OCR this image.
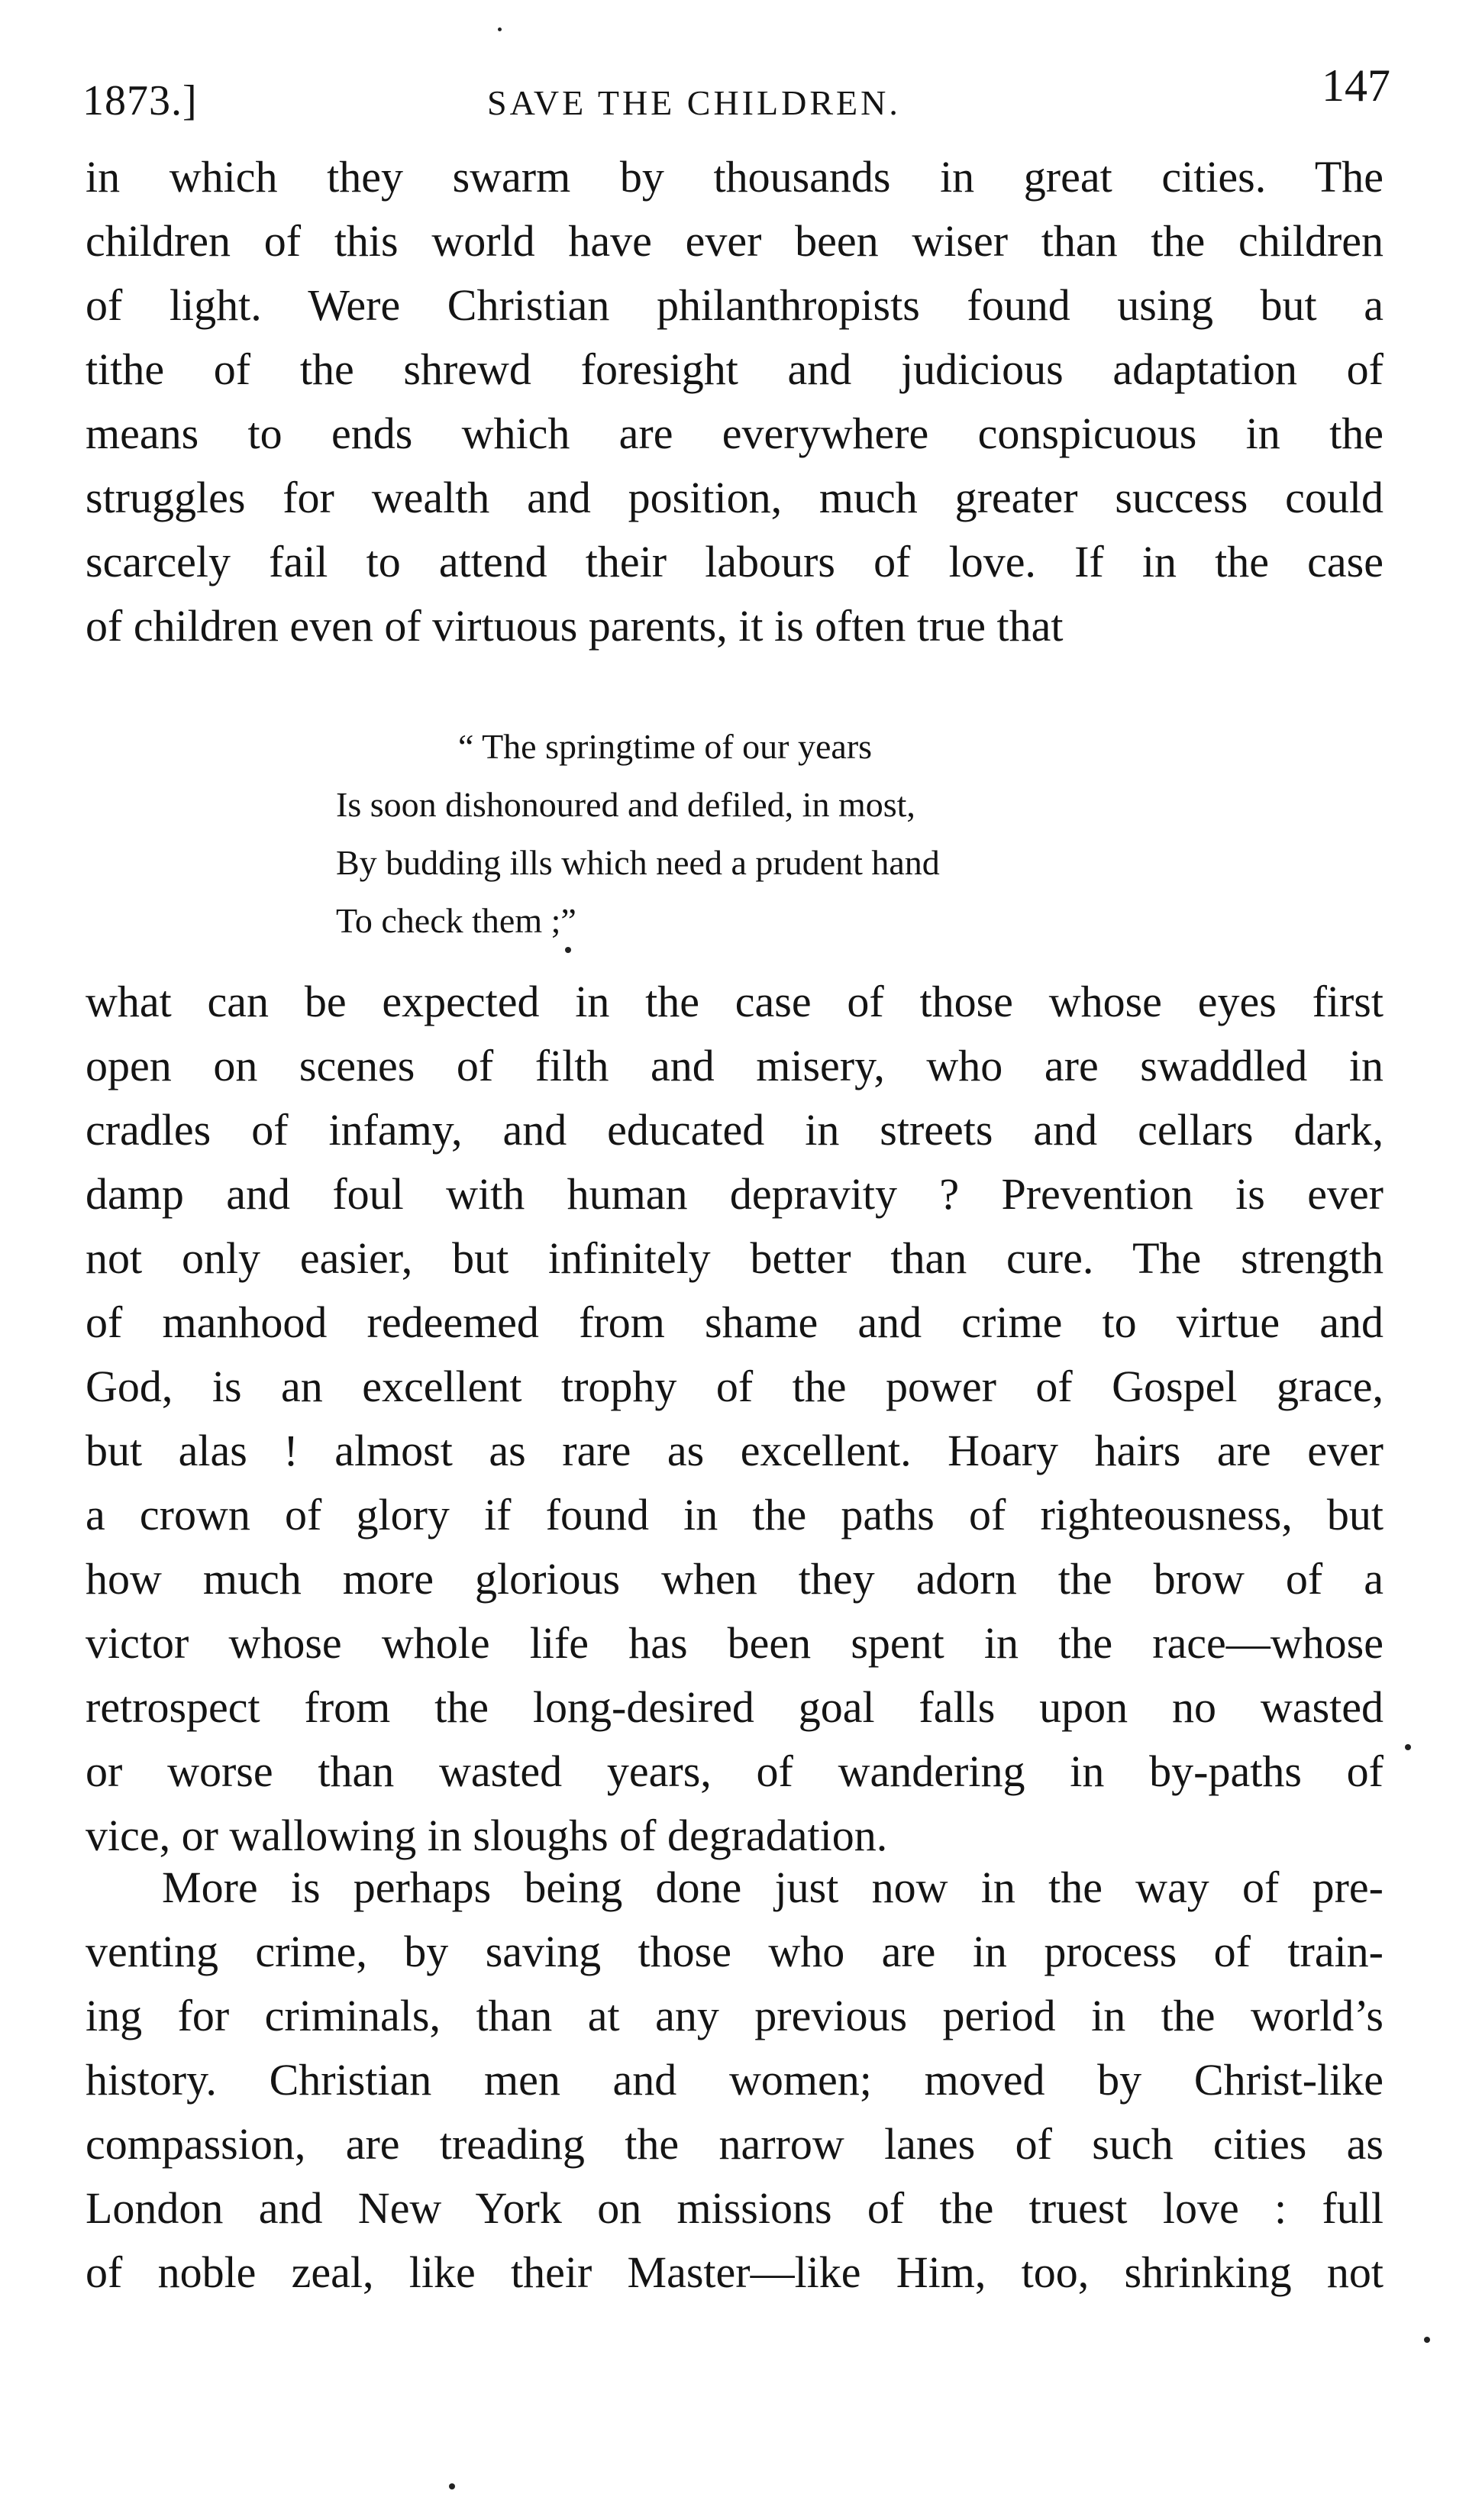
1873.]	SAVE THE CHILDREN.	147
in which they swarm by thousands in great cities. The
children of this world have ever been wiser than the children
of light. Were Christian philanthropists found using but a
tithe of the shrewd foresight and judicious adaptation of
means to ends which are everywhere conspicuous in the
struggles for wealth and position, much greater success could
scarcely fail to attend their labours of love. If in the case
of children even of virtuous parents, it is often true that
“ The springtime of our years
Is soon dishonoured and defiled, in most,
By budding ills which need a prudent hand
To check them ;”
what can be expected in the case of those whose eyes first
open on scenes of filth and misery, who are swaddled in
cradles of infamy, and educated in streets and cellars dark,
damp and foul with human depravity ? Prevention is ever
not only easier, but infinitely better than cure. The strength
of manhood redeemed from shame and crime to virtue and
God, is an excellent trophy of the power of Gospel grace,
but alas ! almost as rare as excellent. Hoary hairs are ever
a crown of glory if found in the paths of righteousness, but
how much more glorious when they adorn the brow of a
victor whose whole life has been spent in the race—whose
retrospect from the long-desired goal falls upon no wasted
or worse than wasted years, of wandering in by-paths of
vice, or wallowing in sloughs of degradation.
More is perhaps being done just now in the way of pre-
venting crime, by saving those who are in process of train-
ing for criminals, than at any previous period in the world’s
history. Christian men and women; moved by Christ-like
compassion, are treading the narrow lanes of such cities as
London and New York on missions of the truest love : full
of noble zeal, like their Master—like Him, too, shrinking not
